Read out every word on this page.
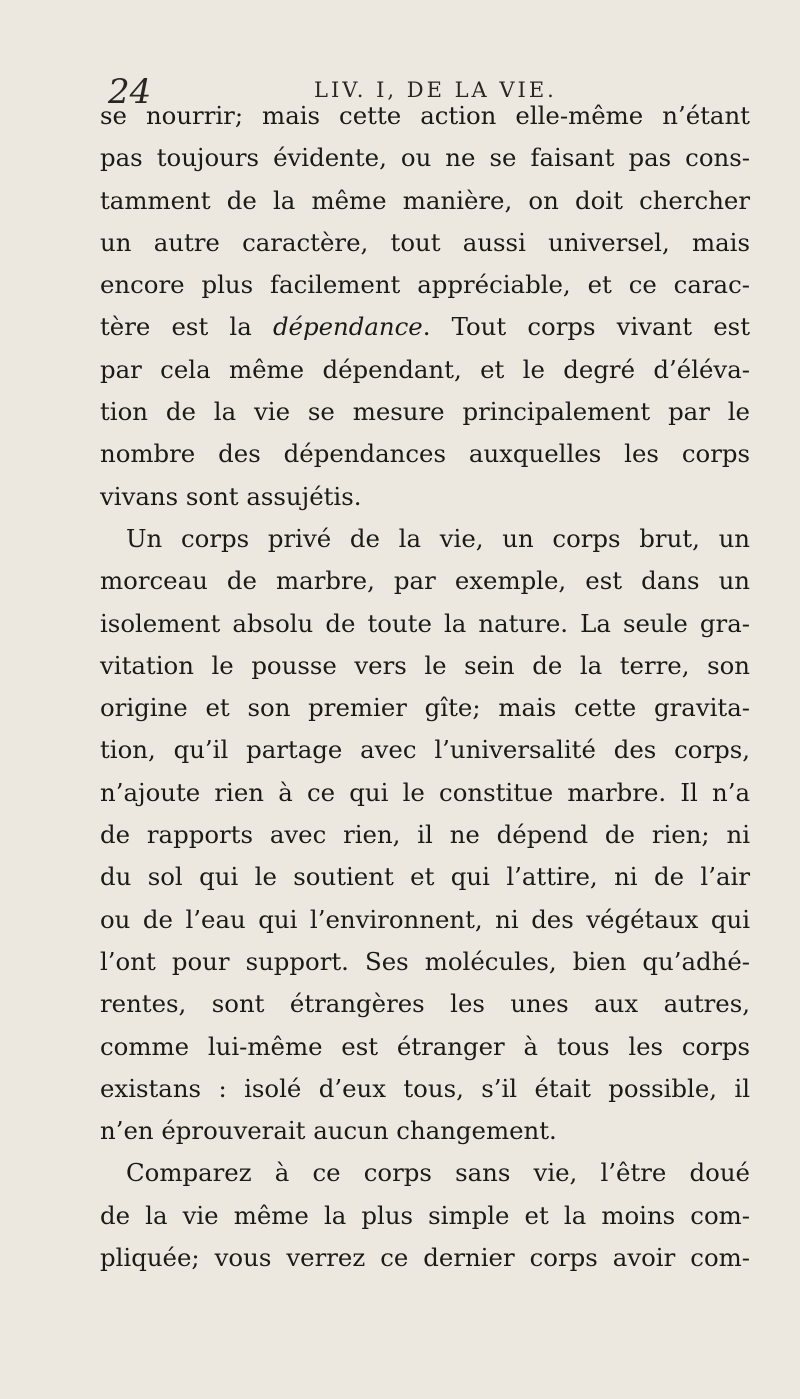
24	LIV. I, DE LA VIE.
se nourrir; mais cette action elle-même n’étant
pas toujours évidente, ou ne se faisant pas cons-
tamment de la même manière, on doit chercher
un autre caractère, tout aussi universel, mais
encore plus facilement appréciable, et ce carac-
tère est la dépendance. Tout corps vivant est
par cela même dépendant, et le degré d’éléva-
tion de la vie se mesure principalement par le
nombre des dépendances auxquelles les corps
vivans sont assujétis.
Un corps privé de la vie, un corps brut, un
morceau de marbre, par exemple, est dans un
isolement absolu de toute la nature. La seule gra-
vitation le pousse vers le sein de la terre, son
origine et son premier gîte; mais cette gravita-
tion, qu’il partage avec l’universalité des corps,
n’ajoute rien à ce qui le constitue marbre. Il n’a
de rapports avec rien, il ne dépend de rien; ni
du sol qui le soutient et qui l’attire, ni de l’air
ou de l’eau qui l’environnent, ni des végétaux qui
l’ont pour support. Ses molécules, bien qu’adhé-
rentes, sont étrangères les unes aux autres,
comme lui-même est étranger à tous les corps
existans : isolé d’eux tous, s’il était possible, il
n’en éprouverait aucun changement.
Comparez à ce corps sans vie, l’être doué
de la vie même la plus simple et la moins com-
pliquée; vous verrez ce dernier corps avoir com-
